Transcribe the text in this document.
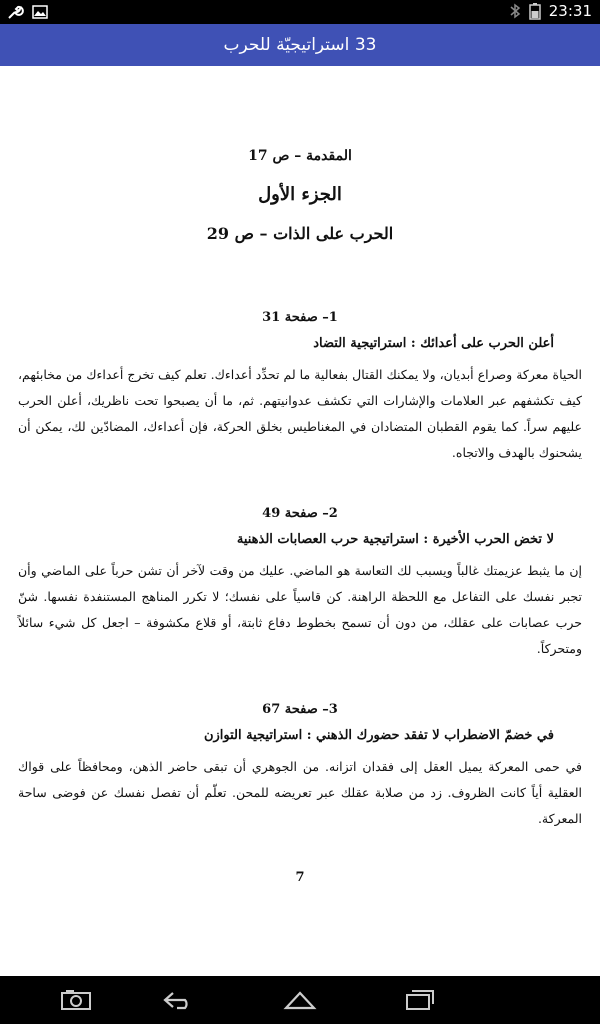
23:31
33 استراتيجيّة للحرب
المقدمة – ص 17
الجزء الأول
الحرب على الذات – ص 29
1– صفحة 31
أعلن الحرب على أعدائك : استراتيجية التضاد
الحياة معركة وصراع أبديان، ولا يمكنك القتال بفعالية ما لم تحدِّد أعداءك. تعلم كيف تخرج أعداءك من مخابئهم، كيف تكشفهم عبر العلامات والإشارات التي تكشف عدوانيتهم. ثم، ما أن يصبحوا تحت ناظريك، أعلن الحرب عليهم سراً. كما يقوم القطبان المتضادان في المغناطيس بخلق الحركة، فإن أعداءك، المضادّين لك، يمكن أن يشحنوك بالهدف والاتجاه.
2– صفحة 49
لا تخض الحرب الأخيرة : استراتيجية حرب العصابات الذهنية
إن ما يثبط عزيمتك غالباً ويسبب لك التعاسة هو الماضي. عليك من وقت لآخر أن تشن حرباً على الماضي وأن تجبر نفسك على التفاعل مع اللحظة الراهنة. كن قاسياً على نفسك؛ لا تكرر المناهج المستنفدة نفسها. شنّ حرب عصابات على عقلك، من دون أن تسمح بخطوط دفاع ثابتة، أو قلاع مكشوفة – اجعل كل شيء سائلاً ومتحركاً.
3– صفحة 67
في خضمّ الاضطراب لا تفقد حضورك الذهني : استراتيجية التوازن
في حمى المعركة يميل العقل إلى فقدان اتزانه. من الجوهري أن تبقى حاضر الذهن، ومحافظاً على قواك العقلية أياً كانت الظروف. زد من صلابة عقلك عبر تعريضه للمحن. تعلّم أن تفصل نفسك عن فوضى ساحة المعركة.
7
